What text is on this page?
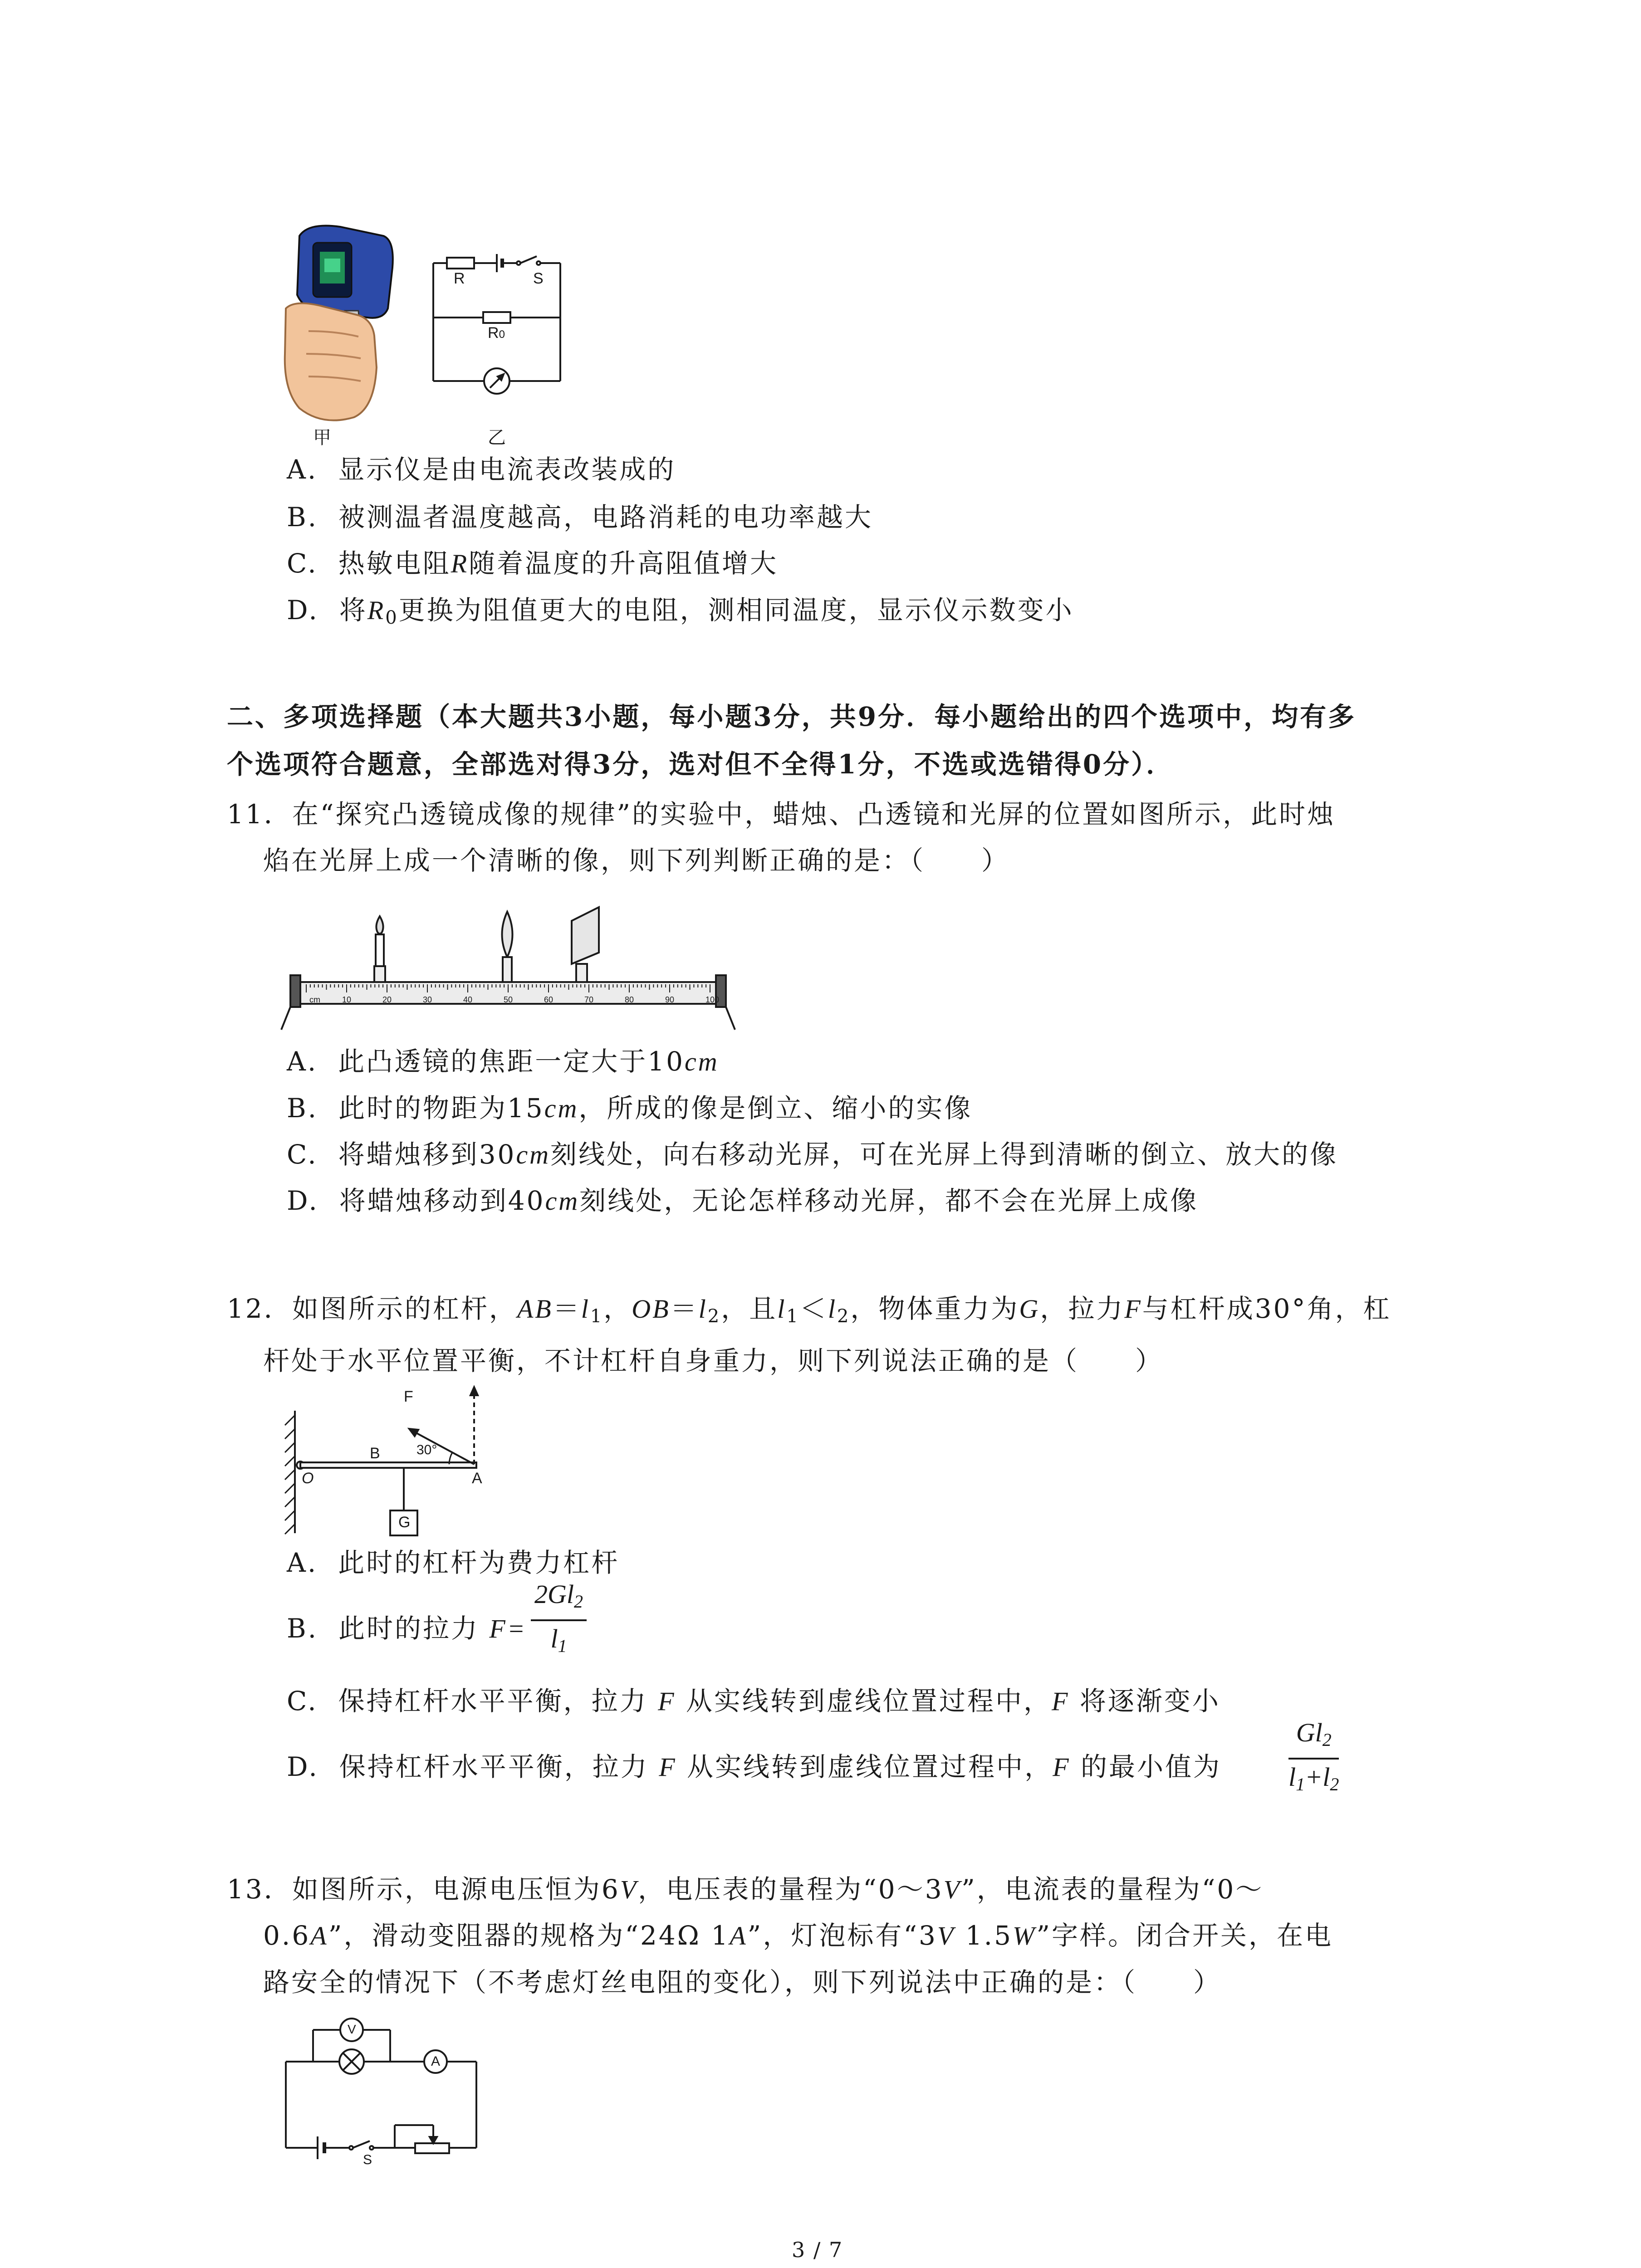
甲
R	S
R0
乙
A. 显示仪是由电流表改装成的
B. 被测温者温度越高，电路消耗的电功率越大
C. 热敏电阻R随着温度的升高阻值增大
D. 将$R_0$更换为阻值更大的电阻，测相同温度，显示仪示数变小
二、多项选择题（本大题共3小题，每小题3分，共9分．每小题给出的四个选项中，均有多
个选项符合题意，全部选对得3分，选对但不全得1分，不选或选错得0分）．
11．在“探究凸透镜成像的规律”的实验中，蜡烛、凸透镜和光屏的位置如图所示，此时烛
焰在光屏上成一个清晰的像，则下列判断正确的是：（　　）
10	20	30	40	50	60	70	80	90	100
cm
A. 此凸透镜的焦距一定大于10cm
B. 此时的物距为15cm，所成的像是倒立、缩小的实像
C. 将蜡烛移到30cm刻线处，向右移动光屏，可在光屏上得到清晰的倒立、放大的像
D. 将蜡烛移动到40cm刻线处，无论怎样移动光屏，都不会在光屏上成像
12．如图所示的杠杆，$AB=l_1$，$OB=l_2$，且$l_1<l_2$，物体重力为G，拉力F与杠杆成30°角，杠
杆处于水平位置平衡，不计杠杆自身重力，则下列说法正确的是（　　）
F
B	30°
O	A
G
A. 此时的杠杆为费力杠杆
B. 此时的拉力 $F= \frac{2Gl_2}{l_1}$
C. 保持杠杆水平平衡，拉力 F 从实线转到虚线位置过程中，F 将逐渐变小
D. 保持杠杆水平平衡，拉力 F 从实线转到虚线位置过程中，F 的最小值为	$\frac{Gl_2}{l_1+l_2}$
13．如图所示，电源电压恒为6V，电压表的量程为“0～3V”，电流表的量程为“0～
0.6A”，滑动变阻器的规格为“24Ω 1A”，灯泡标有“3V 1.5W”字样。闭合开关，在电
路安全的情况下（不考虑灯丝电阻的变化），则下列说法中正确的是：（　　）
V
A
S
3 / 7
